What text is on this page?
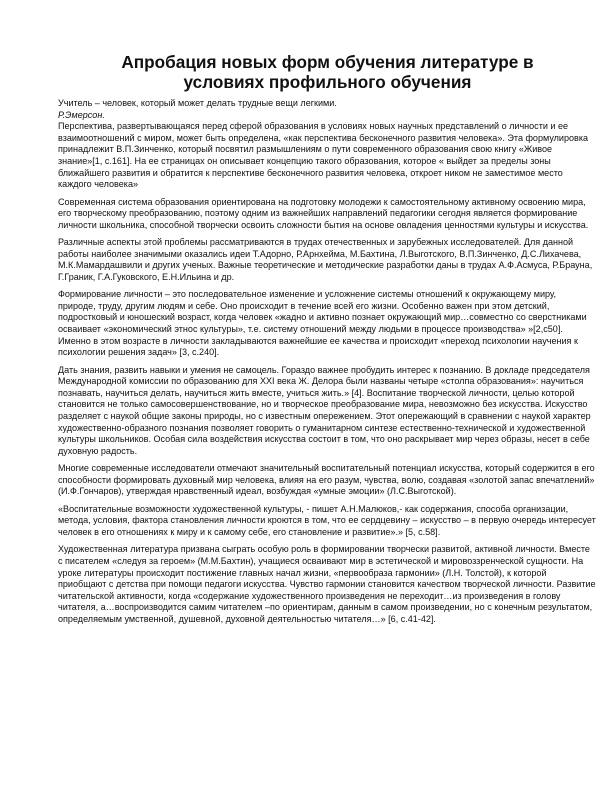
Апробация новых форм обучения литературе в
условиях профильного обучения

Учитель – человек, который может делать трудные вещи легкими.

Р.Эмерсон.

Перспектива, развертывающаяся перед сферой образования в условиях новых научных представлений о личности и ее взаимоотношений с миром, может быть определена, «как перспектива бесконечного развития человека». Эта формулировка принадлежит В.П.Зинченко, который посвятил размышлениям о пути современного образования свою книгу «Живое знание»[1, с.161]. На ее страницах он описывает концепцию такого образования, которое « выйдет за пределы зоны ближайшего развития и обратится к перспективе бесконечного развития человека, откроет ником не заместимое место каждого человека»

Современная система образования ориентирована на подготовку молодежи к самостоятельному активному освоению мира, его творческому преобразованию, поэтому одним из важнейших направлений педагогики сегодня является формирование личности школьника, способной творчески освоить сложности бытия на основе овладения ценностями культуры и искусства.

Различные аспекты этой проблемы рассматриваются в трудах отечественных и зарубежных исследователей. Для данной работы наиболее значимыми оказались идеи Т.Адорно, Р.Арнхейма, М.Бахтина, Л.Выготского, В.П.Зинченко, Д.С.Лихачева, М.К.Мамардашвили и других ученых. Важные теоретические и методические разработки даны в трудах А.Ф.Асмуса, Р.Брауна, Г.Граник, Г.А.Гуковского, Е.Н.Ильина и др.

Формирование личности – это последовательное изменение и усложнение системы отношений к окружающему миру, природе, труду, другим людям и себе. Оно происходит в течение всей его жизни. Особенно важен при этом детский, подростковый и юношеский возраст, когда человек «жадно и активно познает окружающий мир…совместно со сверстниками осваивает «экономический этнос культуры», т.е. систему отношений между людьми в процессе производства» »[2,с50]. Именно в этом возрасте в личности закладываются важнейшие ее качества и происходит «переход психологии научения к психологии решения задач» [3, с.240].

Дать знания, развить навыки и умения не самоцель. Гораздо важнее пробудить интерес к познанию. В докладе председателя Международной комиссии по образованию для XXI века Ж. Делора были названы четыре «столпа образования»: научиться познавать, научиться делать, научиться жить вместе, учиться жить.» [4]. Воспитание творческой личности, целью которой становится не только самосовершенствование, но и творческое преобразование мира, невозможно без искусства. Искусство разделяет с наукой общие законы природы, но с известным опережением. Этот опережающий в сравнении с наукой характер художественно-образного познания позволяет говорить о гуманитарном синтезе естественно-технической и художественной культуры школьников. Особая сила воздействия искусства состоит в том, что оно раскрывает мир через образы, несет в себе духовную радость.

Многие современные исследователи отмечают значительный воспитательный потенциал искусства, который содержится в его способности формировать духовный мир человека, влияя на его разум, чувства, волю, создавая «золотой запас впечатлений» (И.Ф.Гончаров), утверждая нравственный идеал, возбуждая «умные эмоции» (Л.С.Выготской).

«Воспитательные возможности художественной культуры, - пишет А.Н.Малюков,- как содержания, способа организации, метода, условия, фактора становления личности кроются в том, что ее сердцевину – искусство – в первую очередь интересует человек в его отношениях к миру и к самому себе, его становление и развитие».» [5, с.58].

Художественная литература призвана сыграть особую роль в формировании творчески развитой, активной личности. Вместе с писателем «следуя за героем» (М.М.Бахтин), учащиеся осваивают мир в эстетической и мировоззренческой сущности. На уроке литературы происходит постижение главных начал жизни, «первообраза гармонии» (Л.Н. Толстой), к которой приобщают с детства при помощи педагоги искусства. Чувство гармонии становится качеством творческой личности. Развитие читательской активности, когда «содержание художественного произведения не переходит…из произведения в голову читателя, а…воспроизводится самим читателем –по ориентирам, данным в самом произведении, но с конечным результатом, определяемым умственной, душевной, духовной деятельностью читателя…» [6, с.41-42].
